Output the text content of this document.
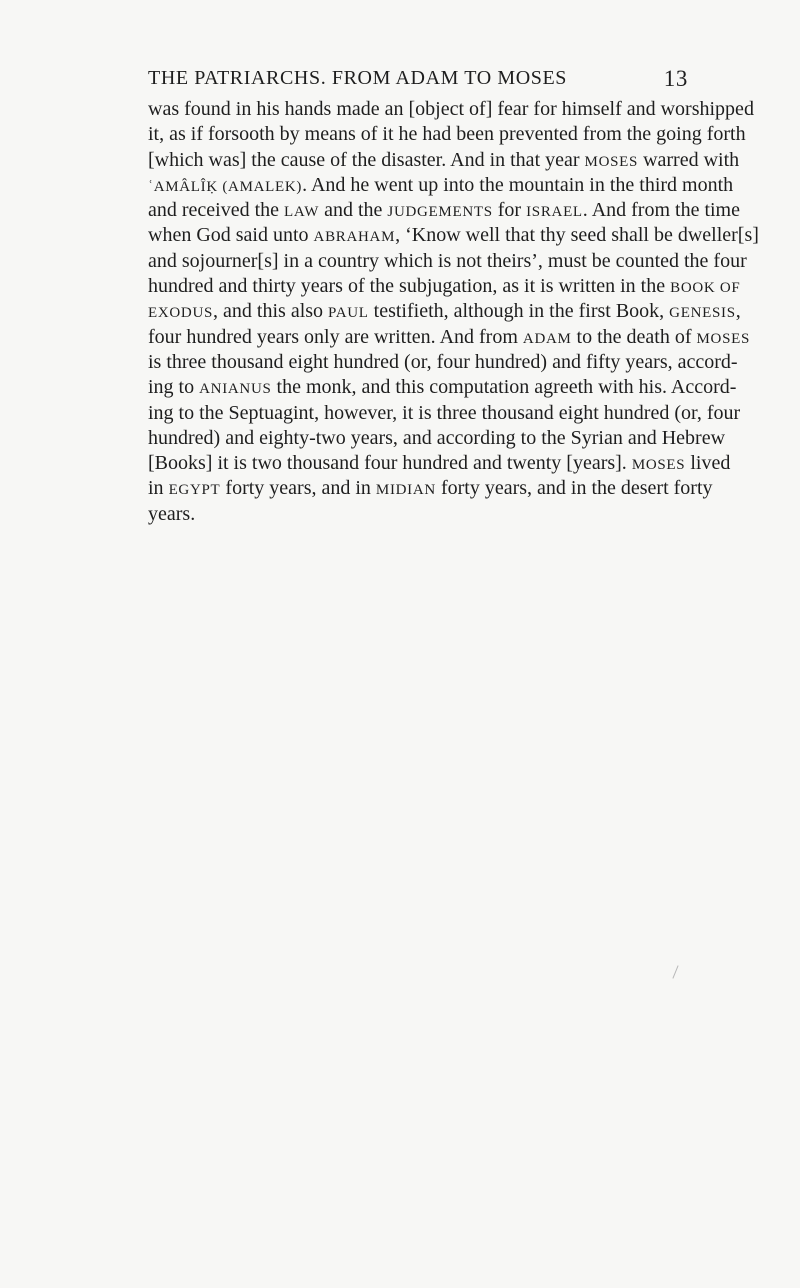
THE PATRIARCHS. FROM ADAM TO MOSES	13
was found in his hands made an [object of] fear for himself and worshipped
it, as if forsooth by means of it he had been prevented from the going forth
[which was] the cause of the disaster. And in that year MOSES warred with
ʿAMÂLÎḲ (AMALEK). And he went up into the mountain in the third month
and received the LAW and the JUDGEMENTS for ISRAEL. And from the time
when God said unto ABRAHAM, ‘Know well that thy seed shall be dweller[s]
and sojourner[s] in a country which is not theirs’, must be counted the four
hundred and thirty years of the subjugation, as it is written in the BOOK OF
EXODUS, and this also PAUL testifieth, although in the first Book, GENESIS,
four hundred years only are written. And from ADAM to the death of MOSES
is three thousand eight hundred (or, four hundred) and fifty years, accord-
ing to ANIANUS the monk, and this computation agreeth with his. Accord-
ing to the Septuagint, however, it is three thousand eight hundred (or, four
hundred) and eighty-two years, and according to the Syrian and Hebrew
[Books] it is two thousand four hundred and twenty [years]. MOSES lived
in EGYPT forty years, and in MIDIAN forty years, and in the desert forty
years.
